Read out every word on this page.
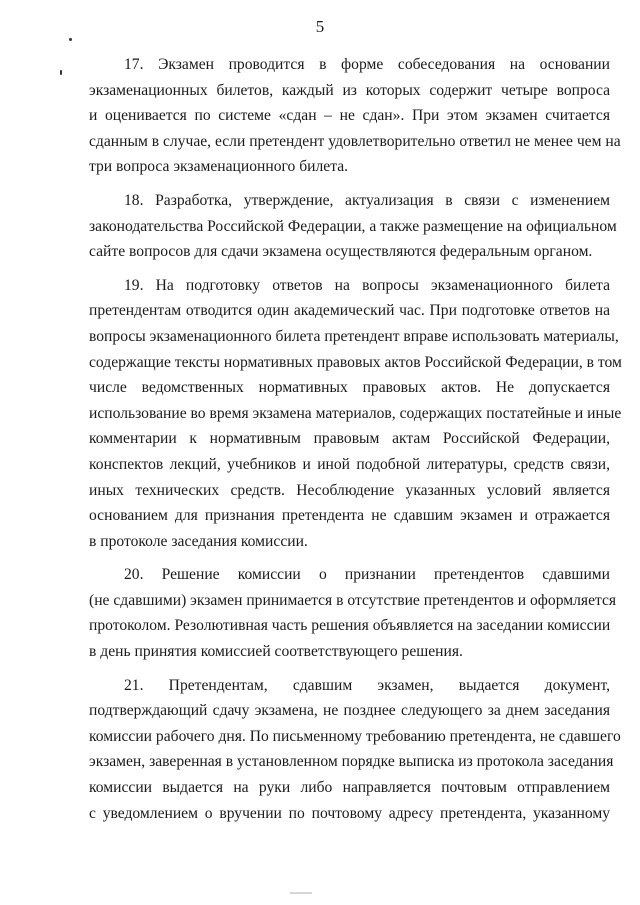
5

17. Экзамен проводится в форме собеседования на основании
экзаменационных билетов, каждый из которых содержит четыре вопроса
и оценивается по системе «сдан – не сдан». При этом экзамен считается
сданным в случае, если претендент удовлетворительно ответил не менее чем на
три вопроса экзаменационного билета.

18. Разработка, утверждение, актуализация в связи с изменением
законодательства Российской Федерации, а также размещение на официальном
сайте вопросов для сдачи экзамена осуществляются федеральным органом.

19. На подготовку ответов на вопросы экзаменационного билета
претендентам отводится один академический час. При подготовке ответов на
вопросы экзаменационного билета претендент вправе использовать материалы,
содержащие тексты нормативных правовых актов Российской Федерации, в том
числе ведомственных нормативных правовых актов. Не допускается
использование во время экзамена материалов, содержащих постатейные и иные
комментарии к нормативным правовым актам Российской Федерации,
конспектов лекций, учебников и иной подобной литературы, средств связи,
иных технических средств. Несоблюдение указанных условий является
основанием для признания претендента не сдавшим экзамен и отражается
в протоколе заседания комиссии.

20. Решение комиссии о признании претендентов сдавшими
(не сдавшими) экзамен принимается в отсутствие претендентов и оформляется
протоколом. Резолютивная часть решения объявляется на заседании комиссии
в день принятия комиссией соответствующего решения.

21. Претендентам, сдавшим экзамен, выдается документ,
подтверждающий сдачу экзамена, не позднее следующего за днем заседания
комиссии рабочего дня. По письменному требованию претендента, не сдавшего
экзамен, заверенная в установленном порядке выписка из протокола заседания
комиссии выдается на руки либо направляется почтовым отправлением
с уведомлением о вручении по почтовому адресу претендента, указанному
